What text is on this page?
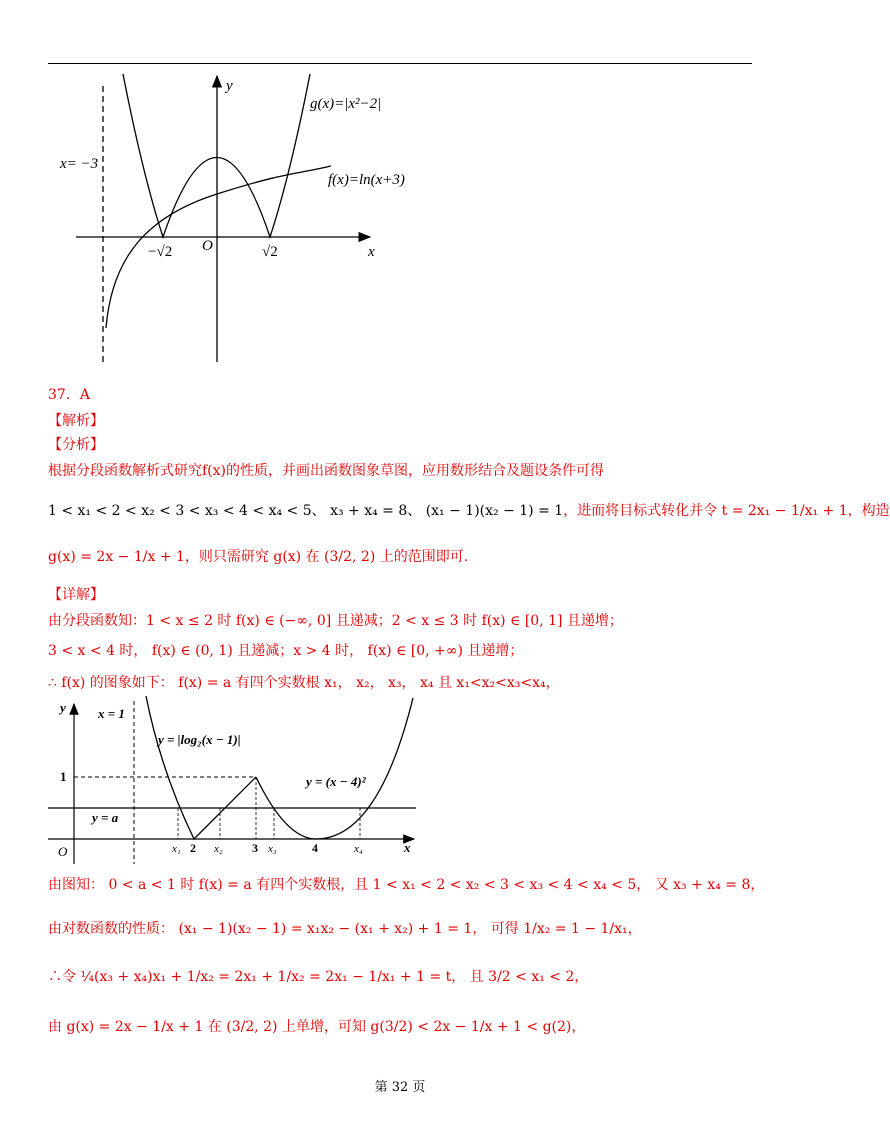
y
x
O
x= −3
g(x)=|x²−2|
f(x)=ln(x+3)
−√2	√2
37．A
【解析】
【分析】
根据分段函数解析式研究f(x)的性质，并画出函数图象草图，应用数形结合及题设条件可得
1 < x₁ < 2 < x₂ < 3 < x₃ < 4 < x₄ < 5、 x₃ + x₄ = 8、 (x₁ − 1)(x₂ − 1) = 1，进而将目标式转化并令 t = 2x₁ − 1/x₁ + 1，构造
g(x) = 2x − 1/x + 1，则只需研究 g(x) 在 (3/2, 2) 上的范围即可.
【详解】
由分段函数知：1 < x ≤ 2 时 f(x) ∈ (−∞, 0] 且递减；2 < x ≤ 3 时 f(x) ∈ [0, 1] 且递增；
3 < x < 4 时， f(x) ∈ (0, 1) 且递减；x > 4 时， f(x) ∈ [0, +∞) 且递增；
∴ f(x) 的图象如下： f(x) = a 有四个实数根 x₁， x₂， x₃， x₄ 且 x₁<x₂<x₃<x₄，
y
x
O
x = 1
y = |log₂(x − 1)|
y = (x − 4)²
y = a
1
x₁ 2 x₂ 3 x₃	4	x₄
由图知： 0 < a < 1 时 f(x) = a 有四个实数根，且 1 < x₁ < 2 < x₂ < 3 < x₃ < 4 < x₄ < 5， 又 x₃ + x₄ = 8，
由对数函数的性质： (x₁ − 1)(x₂ − 1) = x₁x₂ − (x₁ + x₂) + 1 = 1， 可得 1/x₂ = 1 − 1/x₁，
∴令 ¼(x₃ + x₄)x₁ + 1/x₂ = 2x₁ + 1/x₂ = 2x₁ − 1/x₁ + 1 = t， 且 3/2 < x₁ < 2，
由 g(x) = 2x − 1/x + 1 在 (3/2, 2) 上单增，可知 g(3/2) < 2x − 1/x + 1 < g(2)，
第 32 页
